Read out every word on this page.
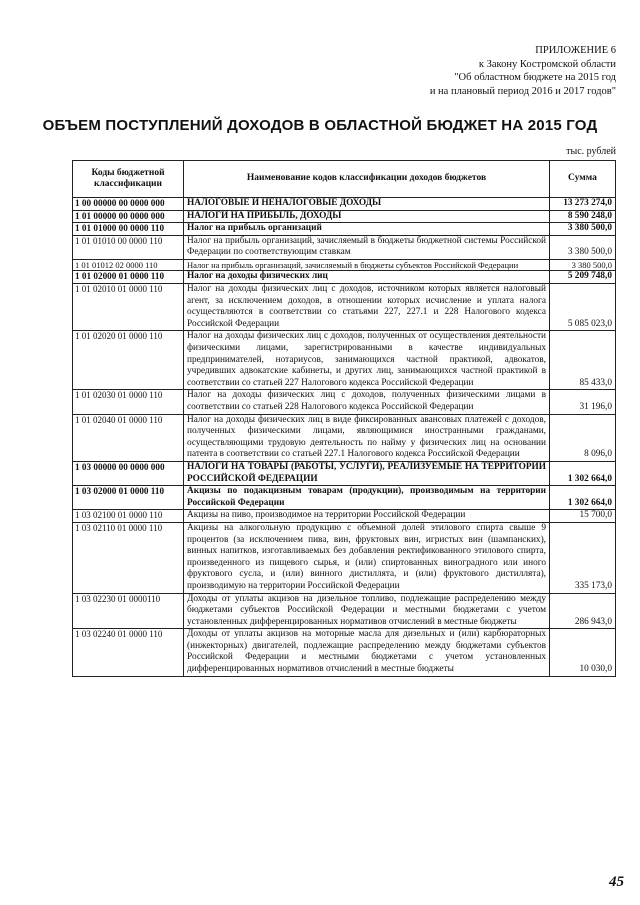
ПРИЛОЖЕНИЕ 6
к Закону Костромской области
"Об областном бюджете на 2015 год
и на плановый период 2016 и 2017 годов"
ОБЪЕМ ПОСТУПЛЕНИЙ ДОХОДОВ В ОБЛАСТНОЙ БЮДЖЕТ НА 2015 ГОД
тыс. рублей
Коды бюджетной классификации	Наименование кодов классификации доходов бюджетов	Сумма
1 00 00000 00 0000 000	НАЛОГОВЫЕ И НЕНАЛОГОВЫЕ ДОХОДЫ	13 273 274,0
1 01 00000 00 0000 000	НАЛОГИ НА ПРИБЫЛЬ, ДОХОДЫ	8 590 248,0
1 01 01000 00 0000 110	Налог на прибыль организаций	3 380 500,0
1 01 01010 00 0000 110	Налог на прибыль организаций, зачисляемый в бюджеты бюджетной системы Российской Федерации по соответствующим ставкам	3 380 500,0
1 01 01012 02 0000 110	Налог на прибыль организаций, зачисляемый в бюджеты субъектов Российской Федерации	3 380 500,0
1 01 02000 01 0000 110	Налог на доходы физических лиц	5 209 748,0
1 01 02010 01 0000 110	Налог на доходы физических лиц с доходов, источником которых является налоговый агент, за исключением доходов, в отношении которых исчисление и уплата налога осуществляются в соответствии со статьями 227, 227.1 и 228 Налогового кодекса Российской Федерации	5 085 023,0
1 01 02020 01 0000 110	Налог на доходы физических лиц с доходов, полученных от осуществления деятельности физическими лицами, зарегистрированными в качестве индивидуальных предпринимателей, нотариусов, занимающихся частной практикой, адвокатов, учредивших адвокатские кабинеты, и других лиц, занимающихся частной практикой в соответствии со статьей 227 Налогового кодекса Российской Федерации	85 433,0
1 01 02030 01 0000 110	Налог на доходы физических лиц с доходов, полученных физическими лицами в соответствии со статьей 228 Налогового кодекса Российской Федерации	31 196,0
1 01 02040 01 0000 110	Налог на доходы физических лиц в виде фиксированных авансовых платежей с доходов, полученных физическими лицами, являющимися иностранными гражданами, осуществляющими трудовую деятельность по найму у физических лиц на основании патента в соответствии со статьей 227.1 Налогового кодекса Российской Федерации	8 096,0
1 03 00000 00 0000 000	НАЛОГИ НА ТОВАРЫ (РАБОТЫ, УСЛУГИ), РЕАЛИЗУЕМЫЕ НА ТЕРРИТОРИИ РОССИЙСКОЙ ФЕДЕРАЦИИ	1 302 664,0
1 03 02000 01 0000 110	Акцизы по подакцизным товарам (продукции), производимым на территории Российской Федерации	1 302 664,0
1 03 02100 01 0000 110	Акцизы на пиво, производимое на территории Российской Федерации	15 700,0
1 03 02110 01 0000 110	Акцизы на алкогольную продукцию с объемной долей этилового спирта свыше 9 процентов (за исключением пива, вин, фруктовых вин, игристых вин (шампанских), винных напитков, изготавливаемых без добавления ректификованного этилового спирта, произведенного из пищевого сырья, и (или) спиртованных виноградного или иного фруктового сусла, и (или) винного дистиллята, и (или) фруктового дистиллята), производимую на территории Российской Федерации	335 173,0
1 03 02230 01 0000110	Доходы от уплаты акцизов на дизельное топливо, подлежащие распределению между бюджетами субъектов Российской Федерации и местными бюджетами с учетом установленных дифференцированных нормативов отчислений в местные бюджеты	286 943,0
1 03 02240 01 0000 110	Доходы от уплаты акцизов на моторные масла для дизельных и (или) карбюраторных (инжекторных) двигателей, подлежащие распределению между бюджетами субъектов Российской Федерации и местными бюджетами с учетом установленных дифференцированных нормативов отчислений в местные бюджеты	10 030,0
45
